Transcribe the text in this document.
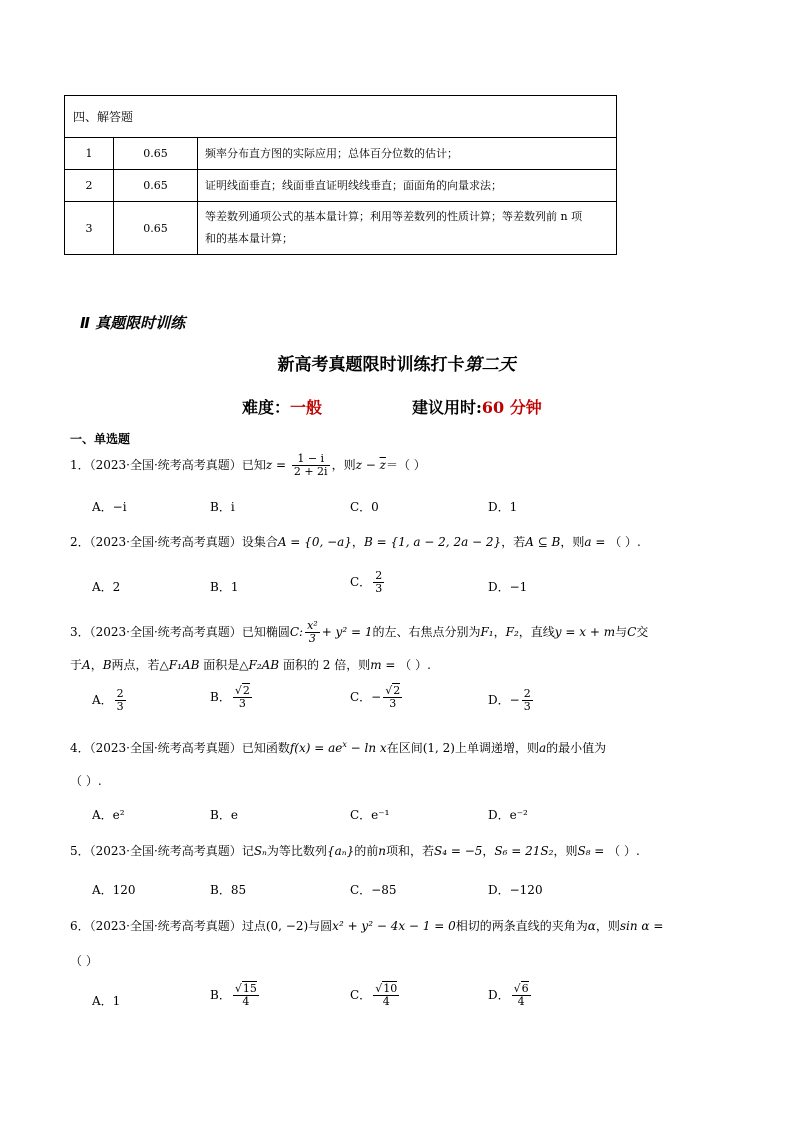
四、解答题		
1	0.65	频率分布直方图的实际应用；总体百分位数的估计；
2	0.65	证明线面垂直；线面垂直证明线线垂直；面面角的向量求法；
3	0.65	等差数列通项公式的基本量计算；利用等差数列的性质计算；等差数列前 n 项
和的基本量计算；
Ⅱ 真题限时训练
新高考真题限时训练打卡第二天
难度：一般	建议用时:60 分钟
一、单选题
1．（2023·全国·统考高考真题）已知$z = \frac{1 - i}{2 + 2i}$ ，则$z - \overline{z}=$（ ）
A．−i	B．i	C．0	D．1
2．（2023·全国·统考高考真题）设集合A = {0, −a}，B = {1, a − 2, 2a − 2}，若A ⊆ B，则a = （ ）.
A．2	B．1	C． $\frac{2}{3}$	D．−1
3．（2023·全国·统考高考真题）已知椭圆C: $\frac{\text{x²}}{3} + y^2 = 1$的左、右焦点分别为F₁，F₂，直线y = x + m与C交
于A，B两点，若△F₁AB 面积是△F₂AB 面积的 2 倍，则m = （ ）.
A． $\frac{2}{3}$	B． $\frac{√2}{3}$	C．− $\frac{√2}{3}$	D．− $\frac{2}{3}$
4．（2023·全国·统考高考真题）已知函数$f(x) = ae^x - \ln x$在区间(1, 2)上单调递增，则a的最小值为
（ ）.
A．e²	B．e	C．e⁻¹	D．e⁻²
5．（2023·全国·统考高考真题）记Sₙ为等比数列{aₙ}的前n项和，若S₄ = −5，S₆ = 21S₂，则S₈ = （ ）.
A．120	B．85	C．−85	D．−120
6．（2023·全国·统考高考真题）过点(0, −2)与圆x² + y² − 4x − 1 = 0相切的两条直线的夹角为α，则sin α =
（ ）
A．1	B． $\frac{√15}{4}$	C． $\frac{√10}{4}$	D． $\frac{√6}{4}$
